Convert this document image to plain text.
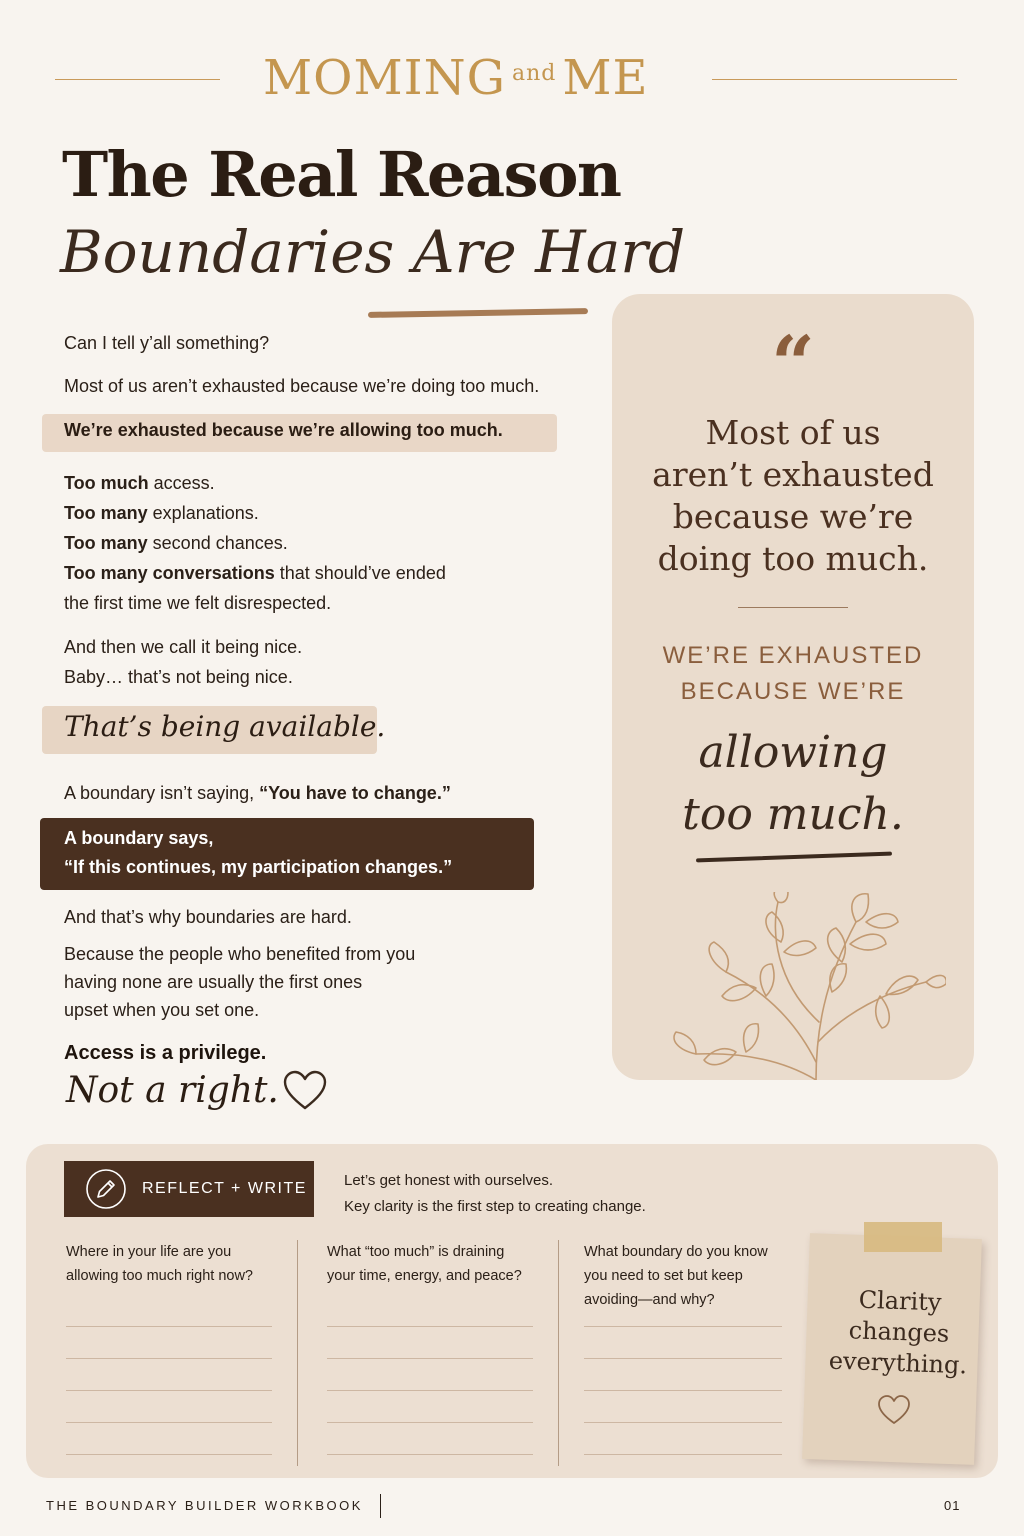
MOMING $^{and}$ ME
The Real Reason
Boundaries Are Hard
Can I tell y’all something?
Most of us aren’t exhausted because we’re doing too much.
We’re exhausted because we’re allowing too much.
Too much access.
Too many explanations.
Too many second chances.
Too many conversations that should’ve ended
the first time we felt disrespected.
And then we call it being nice.
Baby… that’s not being nice.
That’s being available.
A boundary isn’t saying, “You have to change.”
A boundary says,
“If this continues, my participation changes.”
And that’s why boundaries are hard.
Because the people who benefited from you
having none are usually the first ones
upset when you set one.
Access is a privilege.
Not a right.
“
Most of us
aren’t exhausted
because we’re
doing too much.
WE’RE EXHAUSTED
BECAUSE WE’RE
allowing
too much.
REFLECT + WRITE Let’s get honest with ourselves.
Key clarity is the first step to creating change.
Where in your life are you
allowing too much right now?
What “too much” is draining
your time, energy, and peace?
What boundary do you know
you need to set but keep
avoiding—and why?	Clarity
changes
everything.
THE BOUNDARY BUILDER WORKBOOK	01
